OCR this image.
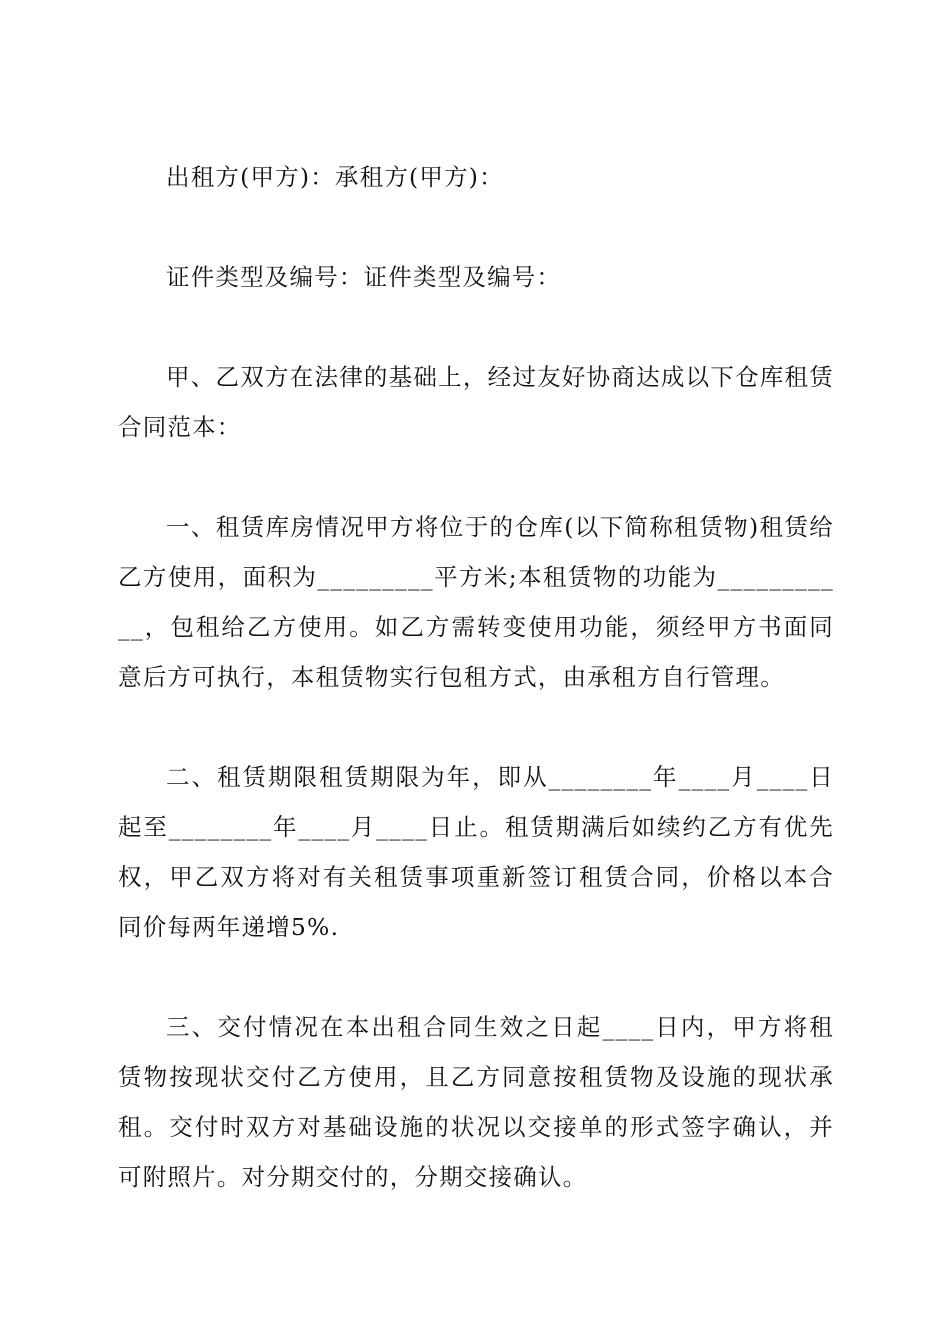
出租方(甲方)：承租方(甲方)：

证件类型及编号：证件类型及编号：

甲、乙双方在法律的基础上，经过友好协商达成以下仓库租赁合同范本：

一、租赁库房情况甲方将位于的仓库(以下简称租赁物)租赁给乙方使用，面积为_________平方米;本租赁物的功能为___________，包租给乙方使用。如乙方需转变使用功能，须经甲方书面同意后方可执行，本租赁物实行包租方式，由承租方自行管理。

二、租赁期限租赁期限为年，即从________年____月____日起至________年____月____日止。租赁期满后如续约乙方有优先权，甲乙双方将对有关租赁事项重新签订租赁合同，价格以本合同价每两年递增5%.

三、交付情况在本出租合同生效之日起____日内，甲方将租赁物按现状交付乙方使用，且乙方同意按租赁物及设施的现状承租。交付时双方对基础设施的状况以交接单的形式签字确认，并可附照片。对分期交付的，分期交接确认。
